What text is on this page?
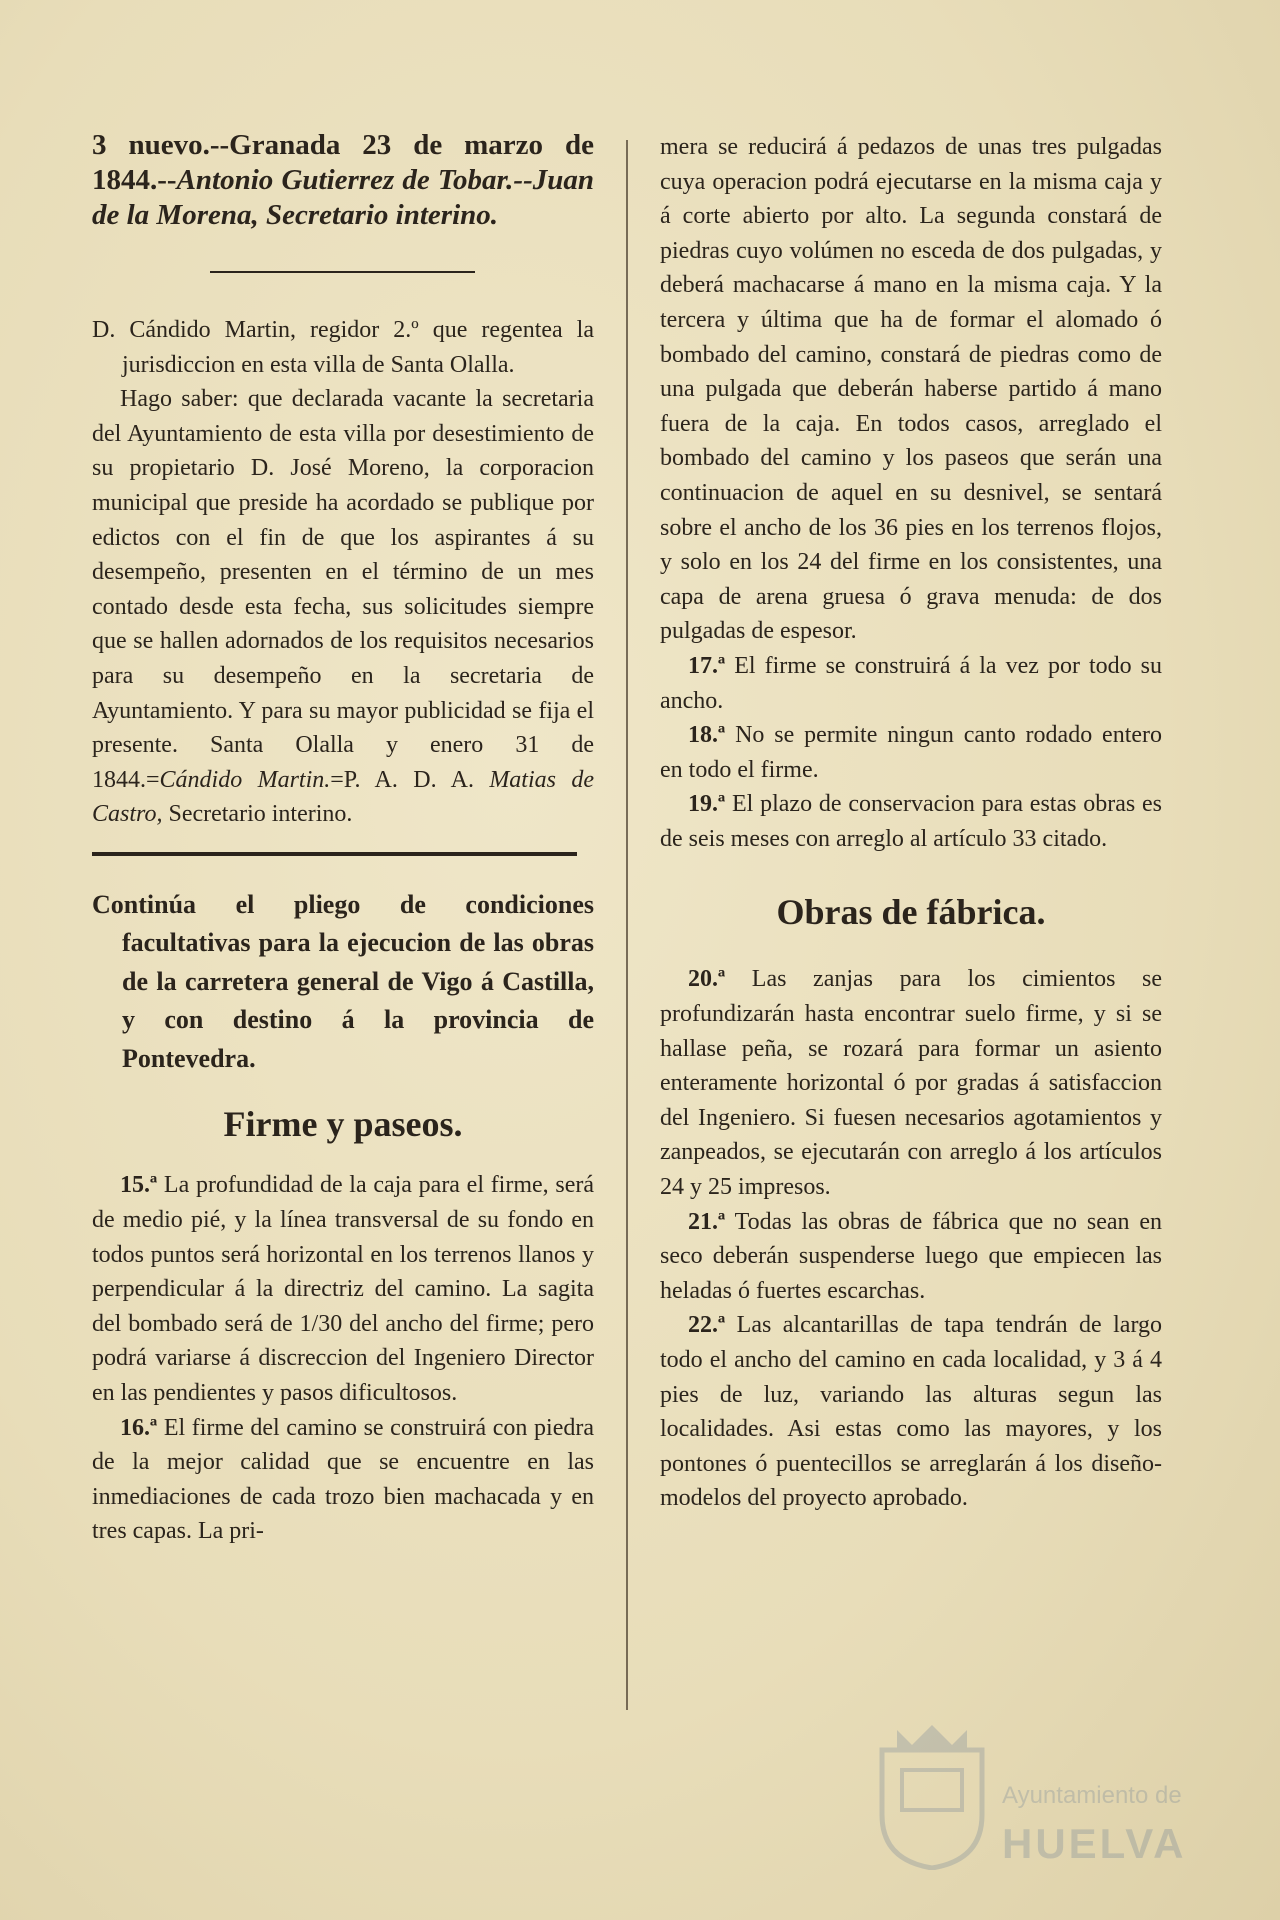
3 nuevo.--Granada 23 de marzo de 1844.--Antonio Gutierrez de Tobar.--Juan de la Morena, Secretario interino.

D. Cándido Martin, regidor 2.º que regentea la jurisdiccion en esta villa de Santa Olalla.

Hago saber: que declarada vacante la secretaria del Ayuntamiento de esta villa por desestimiento de su propietario D. José Moreno, la corporacion municipal que preside ha acordado se publique por edictos con el fin de que los aspirantes á su desempeño, presenten en el término de un mes contado desde esta fecha, sus solicitudes siempre que se hallen adornados de los requisitos necesarios para su desempeño en la secretaria de Ayuntamiento. Y para su mayor publicidad se fija el presente. Santa Olalla y enero 31 de 1844.=Cándido Martin.=P. A. D. A. Matias de Castro, Secretario interino.

Continúa el pliego de condiciones facultativas para la ejecucion de las obras de la carretera general de Vigo á Castilla, y con destino á la provincia de Pontevedra.

Firme y paseos.

15.ª La profundidad de la caja para el firme, será de medio pié, y la línea transversal de su fondo en todos puntos será horizontal en los terrenos llanos y perpendicular á la directriz del camino. La sagita del bombado será de 1/30 del ancho del firme; pero podrá variarse á discreccion del Ingeniero Director en las pendientes y pasos dificultosos.

16.ª El firme del camino se construirá con piedra de la mejor calidad que se encuentre en las inmediaciones de cada trozo bien machacada y en tres capas. La pri-

mera se reducirá á pedazos de unas tres pulgadas cuya operacion podrá ejecutarse en la misma caja y á corte abierto por alto. La segunda constará de piedras cuyo volúmen no esceda de dos pulgadas, y deberá machacarse á mano en la misma caja. Y la tercera y última que ha de formar el alomado ó bombado del camino, constará de piedras como de una pulgada que deberán haberse partido á mano fuera de la caja. En todos casos, arreglado el bombado del camino y los paseos que serán una continuacion de aquel en su desnivel, se sentará sobre el ancho de los 36 pies en los terrenos flojos, y solo en los 24 del firme en los consistentes, una capa de arena gruesa ó grava menuda: de dos pulgadas de espesor.

17.ª El firme se construirá á la vez por todo su ancho.

18.ª No se permite ningun canto rodado entero en todo el firme.

19.ª El plazo de conservacion para estas obras es de seis meses con arreglo al artículo 33 citado.

Obras de fábrica.

20.ª Las zanjas para los cimientos se profundizarán hasta encontrar suelo firme, y si se hallase peña, se rozará para formar un asiento enteramente horizontal ó por gradas á satisfaccion del Ingeniero. Si fuesen necesarios agotamientos y zanpeados, se ejecutarán con arreglo á los artículos 24 y 25 impresos.

21.ª Todas las obras de fábrica que no sean en seco deberán suspenderse luego que empiecen las heladas ó fuertes escarchas.

22.ª Las alcantarillas de tapa tendrán de largo todo el ancho del camino en cada localidad, y 3 á 4 pies de luz, variando las alturas segun las localidades. Asi estas como las mayores, y los pontones ó puentecillos se arreglarán á los diseño-modelos del proyecto aprobado.

Ayuntamiento de
HUELVA
